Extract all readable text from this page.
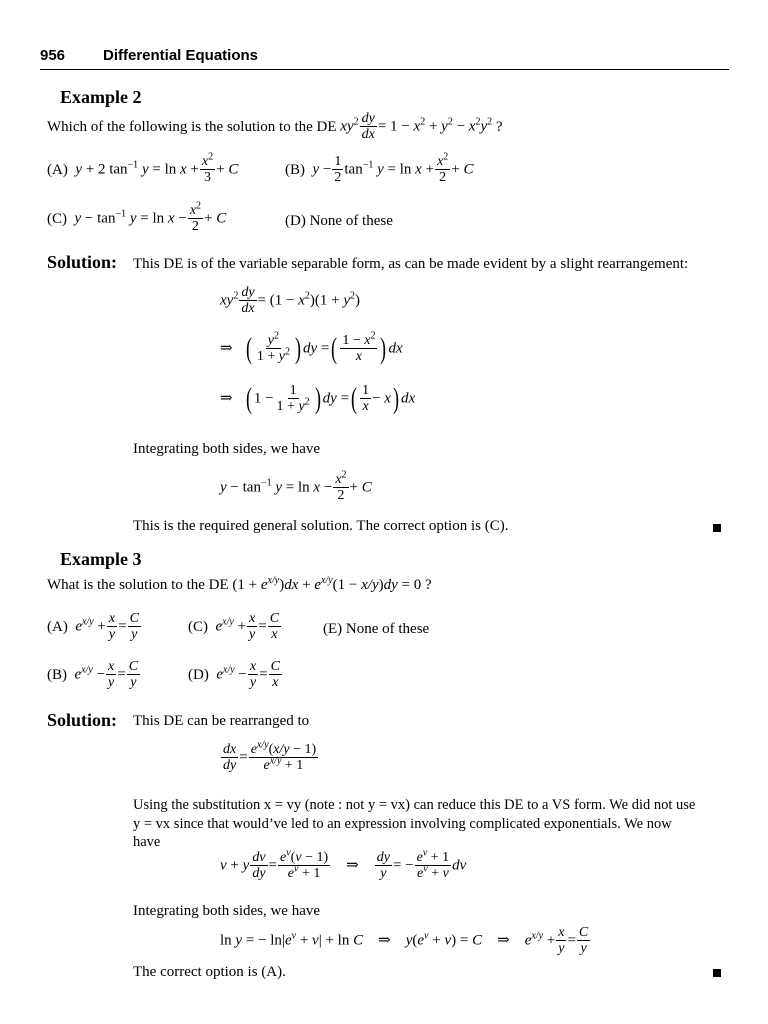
956	Differential Equations
Example 2
Which of the following is the solution to the DE $xy^2 \frac{dy}{dx} = 1 - x^2 + y^2 - x^2y^2$ ?
(A) y + 2 $\tan^{-1} y = \ln x + \frac{x^2}{3} + C$	(B) $y - \frac{1}{2} \tan^{-1} y = \ln x + \frac{x^2}{2} + C$
(C) $y - \tan^{-1} y = \ln x - \frac{x^2}{2} + C$	(D) None of these
Solution: This DE is of the variable separable form, as can be made evident by a slight rearrangement:
$xy^2 \frac{dy}{dx} = (1 - x^2)(1 + y^2)$
⇒   ( $\frac{y^2}{1 + y^2}$ ) dy =( $\frac{1 - x^2}{x}$ ) dx
⇒   ( $1 - \frac{1}{1 + y^2}$ ) dy =( $\frac{1}{x} - x$) dx
Integrating both sides, we have
$y - \tan^{-1} y = \ln x - \frac{x^2}{2} + C$
This is the required general solution. The correct option is (C).
Example 3
What is the solution to the DE $(1 + e^{x/y})dx + e^{x/y}(1 - x/y)dy = 0$ ?
(A) $e^{x/y} + \frac{x}{y} = \frac{C}{y}$	(C) $e^{x/y} + \frac{x}{y} = \frac{C}{x}$	(E) None of these
(B) $e^{x/y} - \frac{x}{y} = \frac{C}{y}$	(D) $e^{x/y} - \frac{x}{y} = \frac{C}{x}$
Solution: This DE can be rearranged to
$\frac{dx}{dy} = \frac{e^{x/y}(x/y - 1)}{e^{x/y} + 1}$
Using the substitution x = vy (note : not y = vx) can reduce this DE to a VS form. We did not use
y = vx since that would’ve led to an expression involving complicated exponentials. We now
have
v + y $\frac{dv}{dy} = \frac{e^v(v - 1)}{e^v + 1}$ ⇒ $\frac{dy}{y}$ = − $\frac{e^v + 1}{e^v + v}$ dv
Integrating both sides, we have
ln y = − $\ln|e^v + v| + \ln C$    ⇒    $y(e^v + v) = C$    ⇒    $e^{x/y} + \frac{x}{y} = \frac{C}{y}$
The correct option is (A).
